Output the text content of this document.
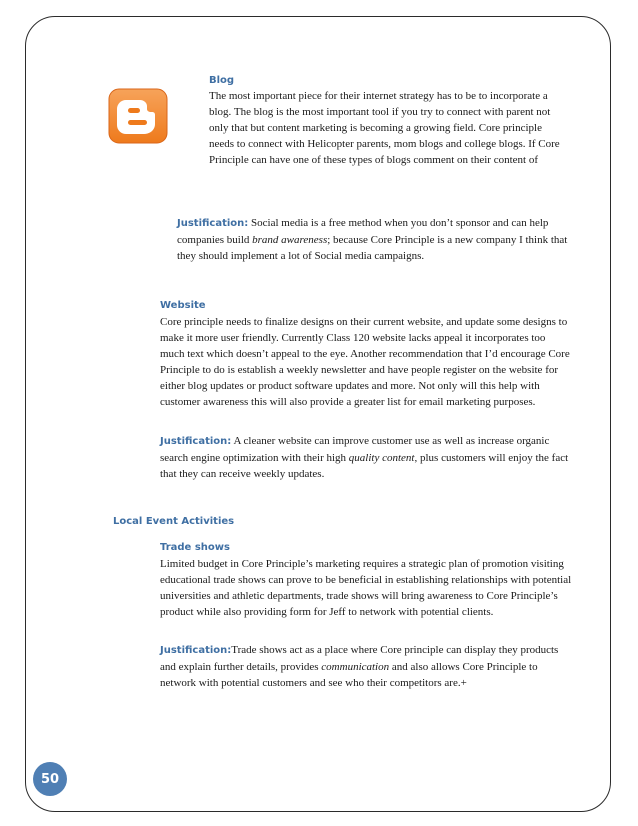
Blog
The most important piece for their internet strategy has to be to incorporate a blog. The blog is the most important tool if you try to connect with parent not only that but content marketing is becoming a growing field. Core principle needs to connect with Helicopter parents, mom blogs and college blogs. If Core Principle can have one of these types of blogs comment on their content of
Justification: Social media is a free method when you don’t sponsor and can help companies build brand awareness; because Core Principle is a new company I think that they should implement a lot of Social media campaigns.
Website
Core principle needs to finalize designs on their current website, and update some designs to make it more user friendly. Currently Class 120 website lacks appeal it incorporates too much text which doesn’t appeal to the eye. Another recommendation that I’d encourage Core Principle to do is establish a weekly newsletter and have people register on the website for either blog updates or product software updates and more. Not only will this help with customer awareness this will also provide a greater list for email marketing purposes.
Justification: A cleaner website can improve customer use as well as increase organic search engine optimization with their high quality content, plus customers will enjoy the fact that they can receive weekly updates.
Local Event Activities
Trade shows
Limited budget in Core Principle’s marketing requires a strategic plan of promotion visiting educational trade shows can prove to be beneficial in establishing relationships with potential universities and athletic departments, trade shows will bring awareness to Core Principle’s product while also providing form for Jeff to network with potential clients.
Justification:Trade shows act as a place where Core principle can display they products and explain further details, provides communication and also allows Core Principle to network with potential customers and see who their competitors are.+
50
